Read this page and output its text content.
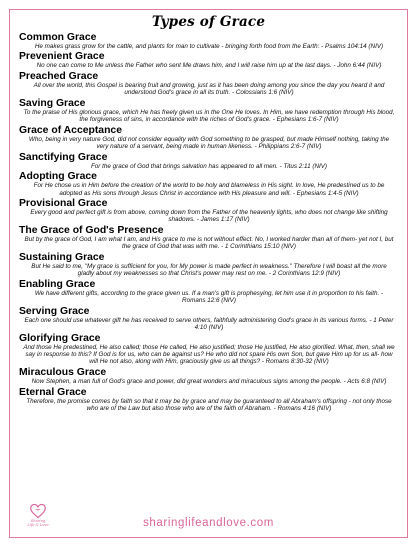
Types of Grace
Common Grace
He makes grass grow for the cattle, and plants for man to cultivate - bringing forth food from the Earth: - Psalms 104:14 (NIV)
Prevenient Grace
No one can come to Me unless the Father who sent Me draws him, and I will raise him up at the last days. - John 6:44 (NIV)
Preached Grace
All over the world, this Gospel is bearing fruit and growing, just as it has been doing among you since the day you heard it and understood God's grace in all its truth. - Colossians 1:6 (NIV)
Saving Grace
To the praise of His glorious grace, which He has freely given us in the One He loves. In Him, we have redemption through His blood, the forgiveness of sins, in accordance with the riches of God's grace. - Ephesians 1:6-7 (NIV)
Grace of Acceptance
Who, being in very nature God, did not consider equality with God something to be grasped, but made Himself nothing, taking the very nature of a servant, being made in human likeness. - Philippians 2:6-7 (NIV)
Sanctifying Grace
For the grace of God that brings salvation has appeared to all men. - Titus 2:11 (NIV)
Adopting Grace
For He chose us in Him before the creation of the world to be holy and blameless in His sight. In love, He predestined us to be adopted as His sons through Jesus Christ in accordance with His pleasure and will. - Ephesians 1:4-5 (NIV)
Provisional Grace
Every good and perfect gift is from above, coming down from the Father of the heavenly lights, who does not change like shifting shadows. - James 1:17 (NIV)
The Grace of God's Presence
But by the grace of God, I am what I am, and His grace to me is not without effect. No, I worked harder than all of them- yet not I, but the grace of God that was with me. - 1 Corinthians 15:10 (NIV)
Sustaining Grace
But He said to me, "My grace is sufficient for you, for My power is made perfect in weakness." Therefore I will boast all the more gladly about my weaknesses so that Christ's power may rest on me. - 2 Corinthians 12:9 (NIV)
Enabling Grace
We have different gifts, according to the grace given us. If a man's gift is prophesying, let him use it in proportion to his faith. - Romans 12:6 (NIV)
Serving Grace
Each one should use whatever gift he has received to serve others, faithfully administering God's grace in its various forms. - 1 Peter 4:10 (NIV)
Glorifying Grace
And those He predestined, He also called; those He called, He also justified; those He justified, He also glorified. What, then, shall we say in response to this? If God is for us, who can be against us? He who did not spare His own Son, but gave Him up for us all- how will He not also, along with Him, graciously give us all things? - Romans 8:30-32 (NIV)
Miraculous Grace
Now Stephen, a man full of God's grace and power, did great wonders and miraculous signs among the people. - Acts 6:8 (NIV)
Eternal Grace
Therefore, the promise comes by faith so that it may be by grace and may be guaranteed to all Abraham's offspring - not only those who are of the Law but also those who are of the faith of Abraham. - Romans 4:16 (NIV)
Sharing
Life & Love	sharinglifeandlove.com
